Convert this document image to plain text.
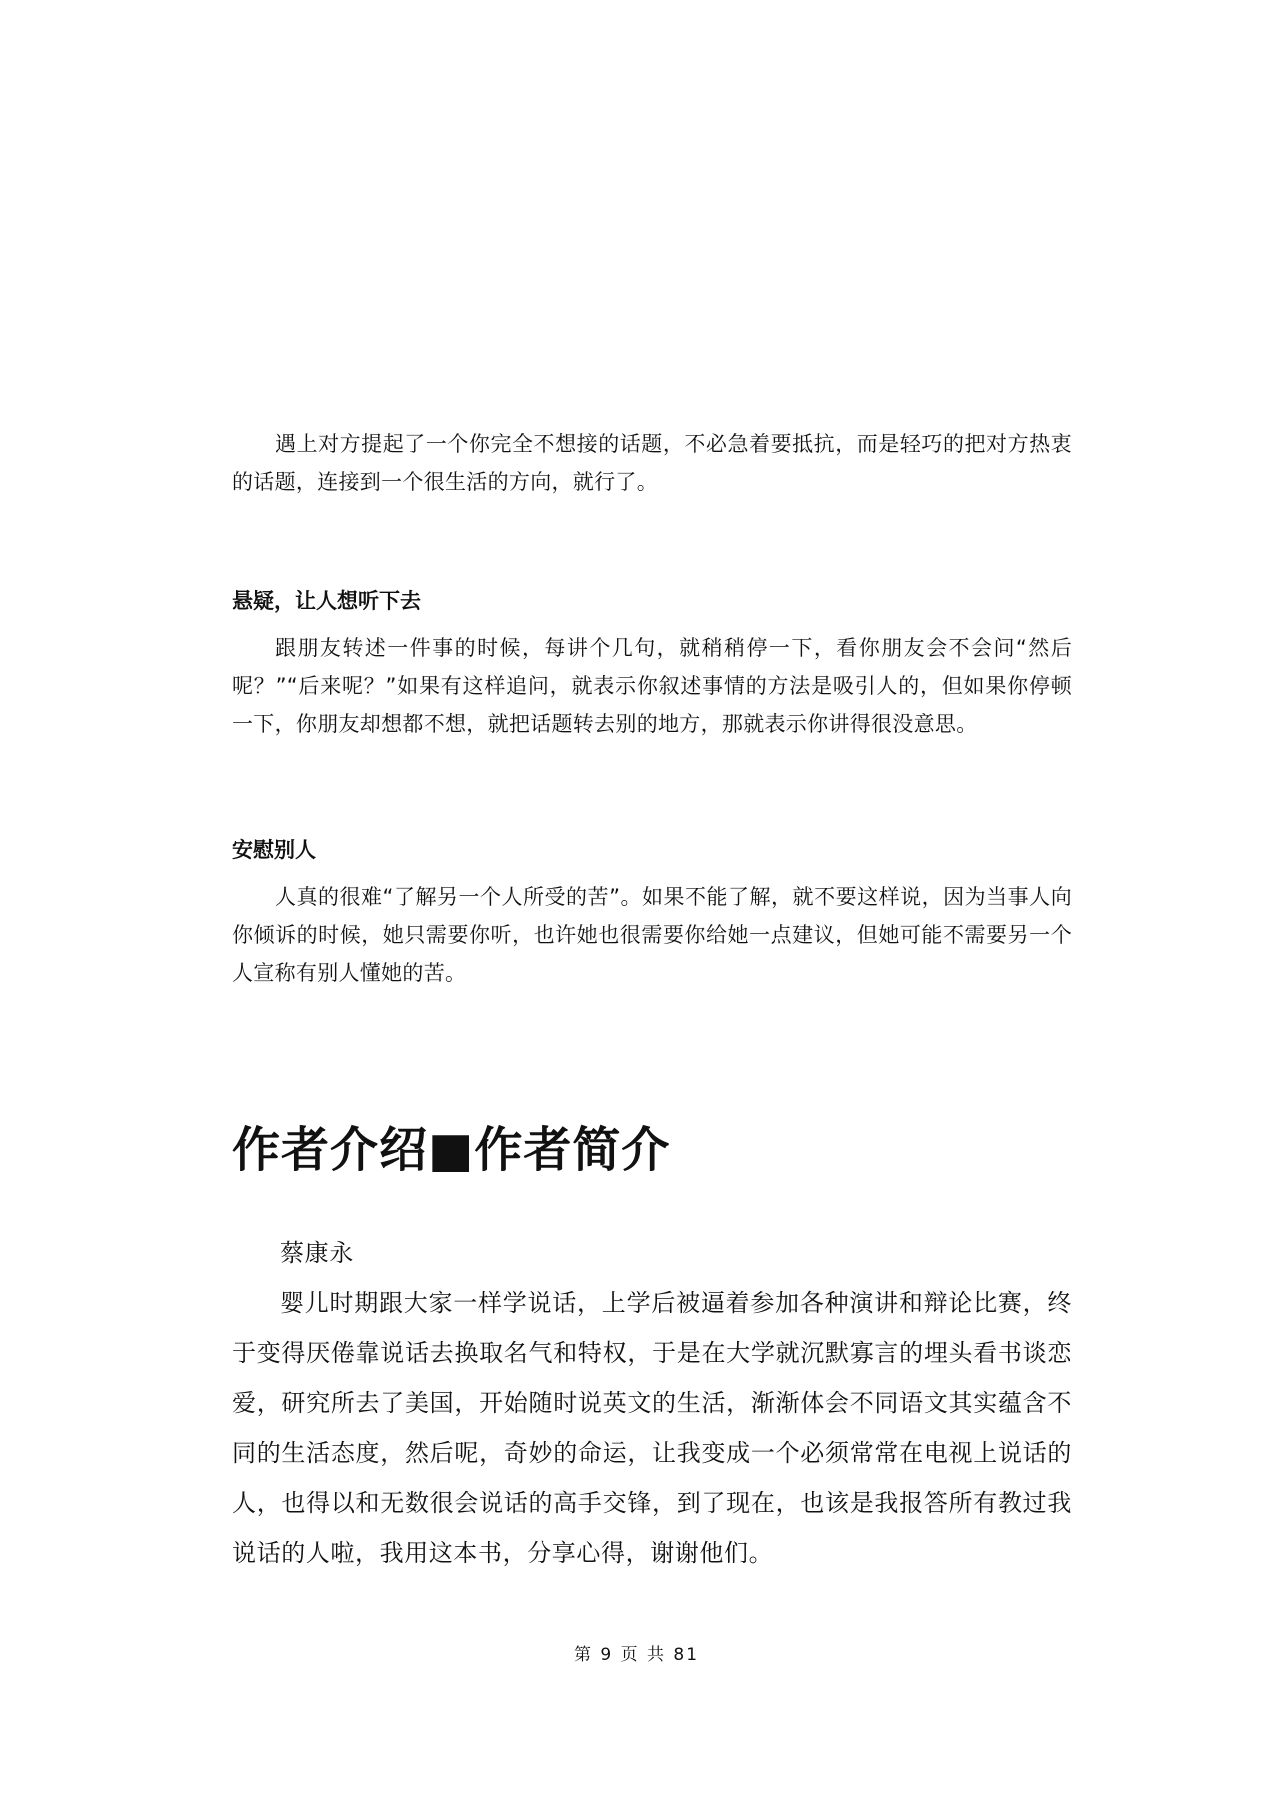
遇上对方提起了一个你完全不想接的话题，不必急着要抵抗，而是轻巧的把对方热衷的话题，连接到一个很生活的方向，就行了。

悬疑，让人想听下去

跟朋友转述一件事的时候，每讲个几句，就稍稍停一下，看你朋友会不会问“然后呢？”“后来呢？”如果有这样追问，就表示你叙述事情的方法是吸引人的，但如果你停顿一下，你朋友却想都不想，就把话题转去别的地方，那就表示你讲得很没意思。

安慰别人

人真的很难“了解另一个人所受的苦”。如果不能了解，就不要这样说，因为当事人向你倾诉的时候，她只需要你听，也许她也很需要你给她一点建议，但她可能不需要另一个人宣称有别人懂她的苦。

作者介绍■作者简介

蔡康永

婴儿时期跟大家一样学说话，上学后被逼着参加各种演讲和辩论比赛，终于变得厌倦靠说话去换取名气和特权，于是在大学就沉默寡言的埋头看书谈恋爱，研究所去了美国，开始随时说英文的生活，渐渐体会不同语文其实蕴含不同的生活态度，然后呢，奇妙的命运，让我变成一个必须常常在电视上说话的人，也得以和无数很会说话的高手交锋，到了现在，也该是我报答所有教过我说话的人啦，我用这本书，分享心得，谢谢他们。

第 9 页 共 81
